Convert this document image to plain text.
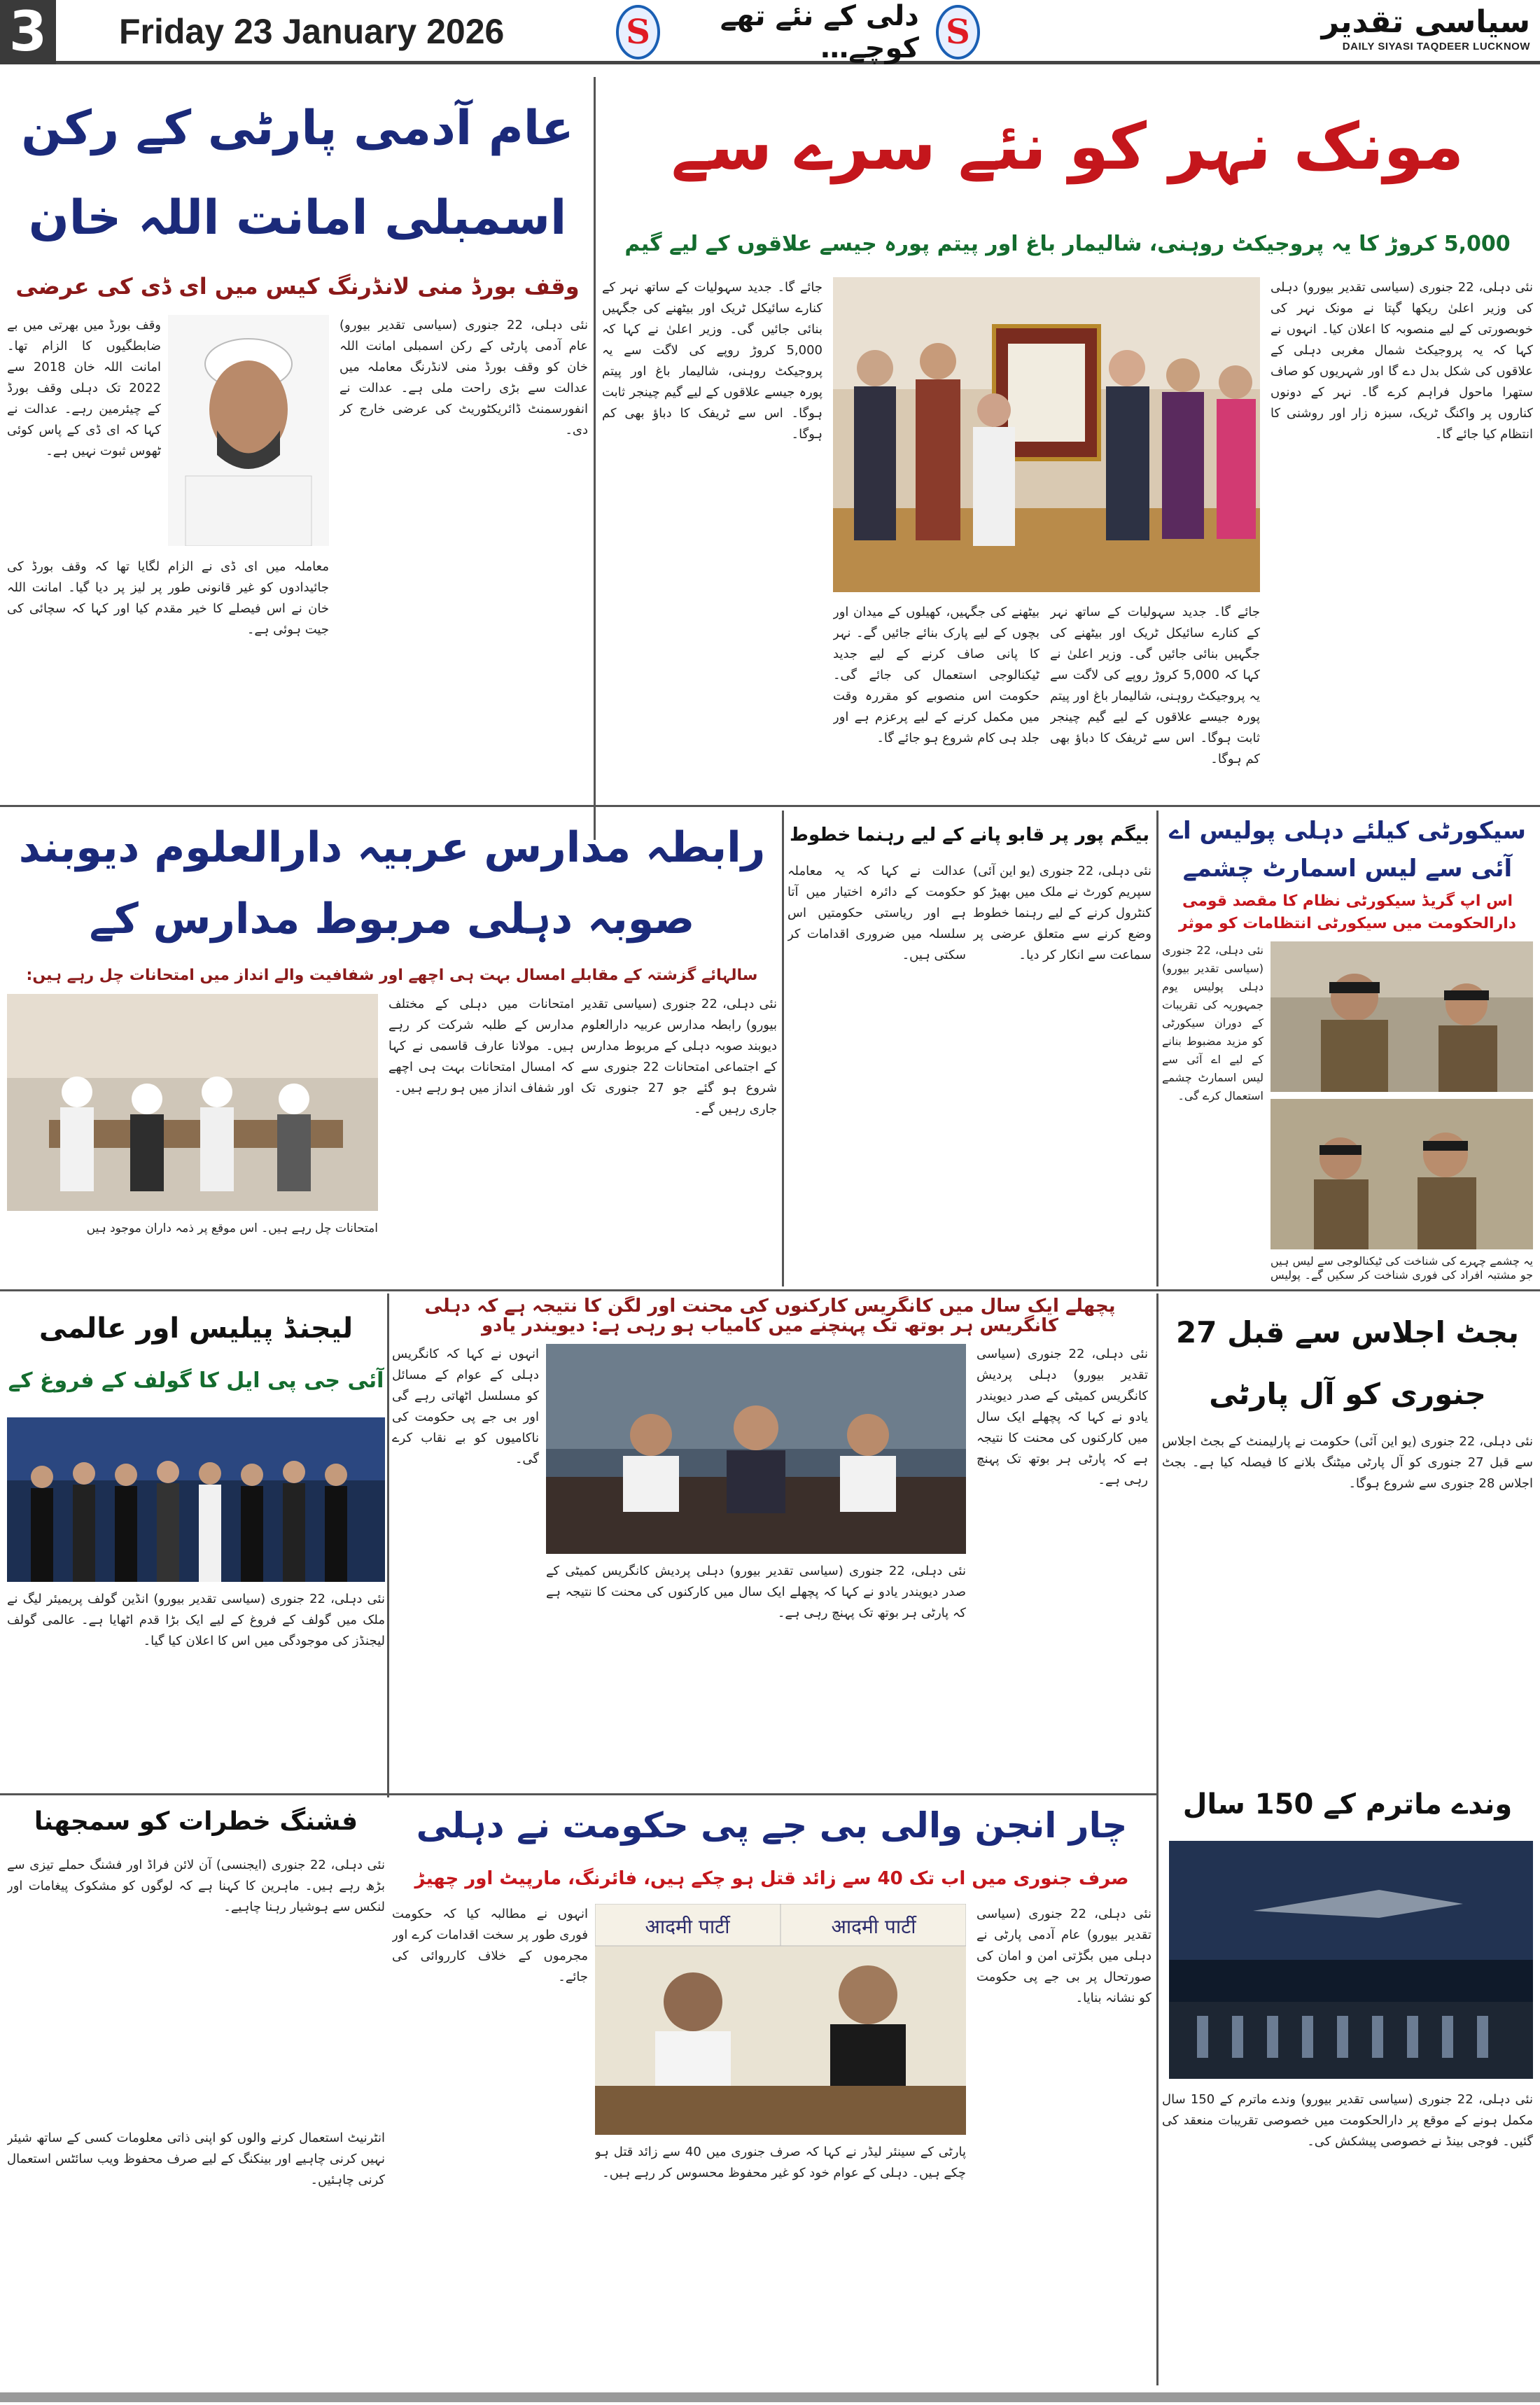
3 Friday 23 January 2026	S	دلی کے نئے تھے کوچے… S	سیاسی تقدیر
DAILY SIYASI TAQDEER LUCKNOW
مونک نہر کو نئے سرے سے
5,000 کروڑ کا یہ پروجیکٹ روہنی، شالیمار باغ اور پیتم پورہ جیسے علاقوں کے لیے گیم
نئی دہلی، 22 جنوری (سیاسی تقدیر بیورو) دہلی کی وزیر اعلیٰ ریکھا گپتا نے مونک نہر کی خوبصورتی کے لیے منصوبہ کا اعلان کیا۔ انہوں نے کہا کہ یہ پروجیکٹ شمال مغربی دہلی کے علاقوں کی شکل بدل دے گا اور شہریوں کو صاف ستھرا ماحول فراہم کرے گا۔ نہر کے دونوں کناروں پر واکنگ ٹریک، سبزہ زار اور روشنی کا انتظام کیا جائے گا۔
جائے گا۔ جدید سہولیات کے ساتھ نہر کے کنارے سائیکل ٹریک اور بیٹھنے کی جگہیں بنائی جائیں گی۔ وزیر اعلیٰ نے کہا کہ 5,000 کروڑ روپے کی لاگت سے یہ پروجیکٹ روہنی، شالیمار باغ اور پیتم پورہ جیسے علاقوں کے لیے گیم چینجر ثابت ہوگا۔ اس سے ٹریفک کا دباؤ بھی کم ہوگا۔
بیٹھنے کی جگہیں، کھیلوں کے میدان اور بچوں کے لیے پارک بنائے جائیں گے۔ نہر کا پانی صاف کرنے کے لیے جدید ٹیکنالوجی استعمال کی جائے گی۔ حکومت اس منصوبے کو مقررہ وقت میں مکمل کرنے کے لیے پرعزم ہے اور جلد ہی کام شروع ہو جائے گا۔
جائے گا۔ جدید سہولیات کے ساتھ نہر کے کنارے سائیکل ٹریک اور بیٹھنے کی جگہیں بنائی جائیں گی۔ وزیر اعلیٰ نے کہا کہ 5,000 کروڑ روپے کی لاگت سے یہ پروجیکٹ روہنی، شالیمار باغ اور پیتم پورہ جیسے علاقوں کے لیے گیم چینجر ثابت ہوگا۔ اس سے ٹریفک کا دباؤ بھی کم ہوگا۔
عام آدمی پارٹی کے رکن اسمبلی امانت اللہ خان
وقف بورڈ منی لانڈرنگ کیس میں ای ڈی کی عرضی
نئی دہلی، 22 جنوری (سیاسی تقدیر بیورو) عام آدمی پارٹی کے رکن اسمبلی امانت اللہ خان کو وقف بورڈ منی لانڈرنگ معاملہ میں عدالت سے بڑی راحت ملی ہے۔ عدالت نے انفورسمنٹ ڈائریکٹوریٹ کی عرضی خارج کر دی۔
وقف بورڈ میں بھرتی میں بے ضابطگیوں کا الزام تھا۔ امانت اللہ خان 2018 سے 2022 تک دہلی وقف بورڈ کے چیئرمین رہے۔ عدالت نے کہا کہ ای ڈی کے پاس کوئی ٹھوس ثبوت نہیں ہے۔
معاملہ میں ای ڈی نے الزام لگایا تھا کہ وقف بورڈ کی جائیدادوں کو غیر قانونی طور پر لیز پر دیا گیا۔ امانت اللہ خان نے اس فیصلے کا خیر مقدم کیا اور کہا کہ سچائی کی جیت ہوئی ہے۔
رابطہ مدارس عربیہ دارالعلوم دیوبند صوبہ دہلی مربوط مدارس کے
سالہائے گزشتہ کے مقابلے امسال بہت ہی اچھے اور شفافیت والے انداز میں امتحانات چل رہے ہیں:
امتحانات چل رہے ہیں۔ اس موقع پر ذمہ داران موجود ہیں
نئی دہلی، 22 جنوری (سیاسی تقدیر بیورو) رابطہ مدارس عربیہ دارالعلوم دیوبند صوبہ دہلی کے مربوط مدارس کے اجتماعی امتحانات 22 جنوری سے شروع ہو گئے جو 27 جنوری تک جاری رہیں گے۔
امتحانات میں دہلی کے مختلف مدارس کے طلبہ شرکت کر رہے ہیں۔ مولانا عارف قاسمی نے کہا کہ امسال امتحانات بہت ہی اچھے اور شفاف انداز میں ہو رہے ہیں۔
بیگم پور پر قابو پانے کے لیے رہنما خطوط
نئی دہلی، 22 جنوری (یو این آئی) سپریم کورٹ نے ملک میں بھیڑ کو کنٹرول کرنے کے لیے رہنما خطوط وضع کرنے سے متعلق عرضی پر سماعت سے انکار کر دیا۔
عدالت نے کہا کہ یہ معاملہ حکومت کے دائرہ اختیار میں آتا ہے اور ریاستی حکومتیں اس سلسلہ میں ضروری اقدامات کر سکتی ہیں۔
سیکورٹی کیلئے دہلی پولیس اے آئی سے لیس اسمارٹ چشمے
اس اپ گریڈ سیکورٹی نظام کا مقصد قومی دارالحکومت میں سیکورٹی انتظامات کو موثر
نئی دہلی، 22 جنوری (سیاسی تقدیر بیورو) دہلی پولیس یوم جمہوریہ کی تقریبات کے دوران سیکورٹی کو مزید مضبوط بنانے کے لیے اے آئی سے لیس اسمارٹ چشمے استعمال کرے گی۔
یہ چشمے چہرے کی شناخت کی ٹیکنالوجی سے لیس ہیں جو مشتبہ افراد کی فوری شناخت کر سکیں گے۔ پولیس
لیجنڈ پیلیس اور عالمی
آئی جی پی ایل کا گولف کے فروغ کے
نئی دہلی، 22 جنوری (سیاسی تقدیر بیورو) انڈین گولف پریمیئر لیگ نے ملک میں گولف کے فروغ کے لیے ایک بڑا قدم اٹھایا ہے۔ عالمی گولف لیجنڈز کی موجودگی میں اس کا اعلان کیا گیا۔
پچھلے ایک سال میں کانگریس کارکنوں کی محنت اور لگن کا نتیجہ ہے کہ دہلی کانگریس ہر بوتھ تک پہنچنے میں کامیاب ہو رہی ہے: دیویندر یادو
نئی دہلی، 22 جنوری (سیاسی تقدیر بیورو) دہلی پردیش کانگریس کمیٹی کے صدر دیویندر یادو نے کہا کہ پچھلے ایک سال میں کارکنوں کی محنت کا نتیجہ ہے کہ پارٹی ہر بوتھ تک پہنچ رہی ہے۔
انہوں نے کہا کہ کانگریس دہلی کے عوام کے مسائل کو مسلسل اٹھاتی رہے گی اور بی جے پی حکومت کی ناکامیوں کو بے نقاب کرے گی۔
نئی دہلی، 22 جنوری (سیاسی تقدیر بیورو) دہلی پردیش کانگریس کمیٹی کے صدر دیویندر یادو نے کہا کہ پچھلے ایک سال میں کارکنوں کی محنت کا نتیجہ ہے کہ پارٹی ہر بوتھ تک پہنچ رہی ہے۔
بجٹ اجلاس سے قبل 27 جنوری کو آل پارٹی
نئی دہلی، 22 جنوری (یو این آئی) حکومت نے پارلیمنٹ کے بجٹ اجلاس سے قبل 27 جنوری کو آل پارٹی میٹنگ بلانے کا فیصلہ کیا ہے۔ بجٹ اجلاس 28 جنوری سے شروع ہوگا۔
وندے ماترم کے 150 سال
نئی دہلی، 22 جنوری (سیاسی تقدیر بیورو) وندے ماترم کے 150 سال مکمل ہونے کے موقع پر دارالحکومت میں خصوصی تقریبات منعقد کی گئیں۔ فوجی بینڈ نے خصوصی پیشکش کی۔
چار انجن والی بی جے پی حکومت نے دہلی
صرف جنوری میں اب تک 40 سے زائد قتل ہو چکے ہیں، فائرنگ، مارپیٹ اور چھیڑ
आदमी पार्टी	आदमी पार्टी
نئی دہلی، 22 جنوری (سیاسی تقدیر بیورو) عام آدمی پارٹی نے دہلی میں بگڑتی امن و امان کی صورتحال پر بی جے پی حکومت کو نشانہ بنایا۔
پارٹی کے سینئر لیڈر نے کہا کہ صرف جنوری میں 40 سے زائد قتل ہو چکے ہیں۔ دہلی کے عوام خود کو غیر محفوظ محسوس کر رہے ہیں۔
انہوں نے مطالبہ کیا کہ حکومت فوری طور پر سخت اقدامات کرے اور مجرموں کے خلاف کارروائی کی جائے۔
فشنگ خطرات کو سمجھنا
نئی دہلی، 22 جنوری (ایجنسی) آن لائن فراڈ اور فشنگ حملے تیزی سے بڑھ رہے ہیں۔ ماہرین کا کہنا ہے کہ لوگوں کو مشکوک پیغامات اور لنکس سے ہوشیار رہنا چاہیے۔
انٹرنیٹ استعمال کرنے والوں کو اپنی ذاتی معلومات کسی کے ساتھ شیئر نہیں کرنی چاہیے اور بینکنگ کے لیے صرف محفوظ ویب سائٹس استعمال کرنی چاہئیں۔
